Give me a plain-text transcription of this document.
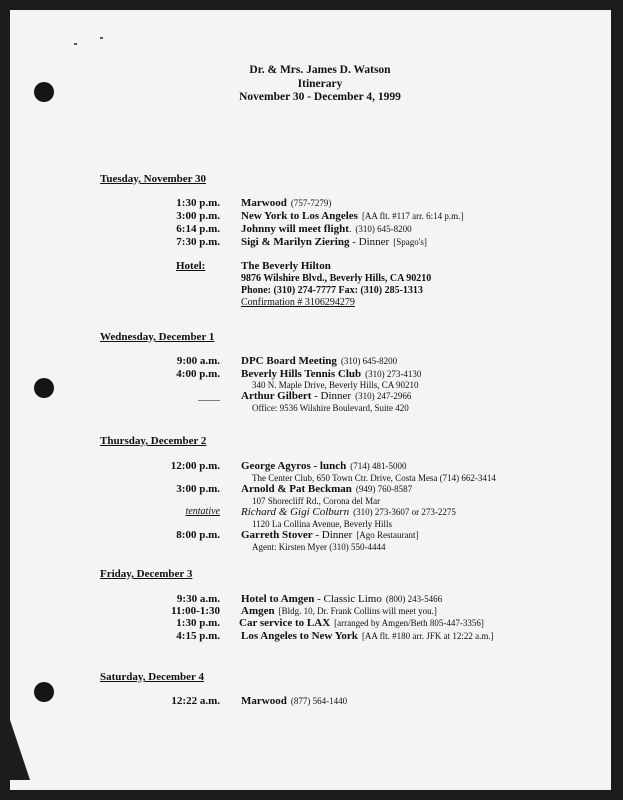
Dr. & Mrs. James D. Watson
Itinerary
November 30 - December 4, 1999
Tuesday, November 30
1:30 p.m. Marwood (757-7279)
3:00 p.m. New York to Los Angeles [AA flt. #117 arr. 6:14 p.m.]
6:14 p.m. Johnny will meet flight. (310) 645-8200
7:30 p.m. Sigi & Marilyn Ziering - Dinner [Spago's]
Hotel:	The Beverly Hilton
9876 Wilshire Blvd., Beverly Hills, CA 90210
Phone: (310) 274-7777 Fax: (310) 285-1313
Confirmation # 3106294279
Wednesday, December 1
9:00 a.m. DPC Board Meeting (310) 645-8200
4:00 p.m. Beverly Hills Tennis Club (310) 273-4130
340 N. Maple Drive, Beverly Hills, CA 90210
____ Arthur Gilbert - Dinner (310) 247-2966
Office: 9536 Wilshire Boulevard, Suite 420
Thursday, December 2
12:00 p.m. George Agyros - lunch (714) 481-5000
The Center Club, 650 Town Ctr. Drive, Costa Mesa (714) 662-3414
3:00 p.m. Arnold & Pat Beckman (949) 760-8587
107 Shorecliff Rd., Corona del Mar
tentative Richard & Gigi Colburn (310) 273-3607 or 273-2275
1120 La Collina Avenue, Beverly Hills
8:00 p.m. Garreth Stover - Dinner [Ago Restaurant]
Agent: Kirsten Myer (310) 550-4444
Friday, December 3
9:30 a.m. Hotel to Amgen - Classic Limo (800) 243-5466
11:00-1:30 Amgen [Bldg. 10, Dr. Frank Collins will meet you.]
1:30 p.m. Car service to LAX [arranged by Amgen/Beth 805-447-3356]
4:15 p.m. Los Angeles to New York [AA flt. #180 arr. JFK at 12:22 a.m.]
Saturday, December 4
12:22 a.m. Marwood (877) 564-1440
